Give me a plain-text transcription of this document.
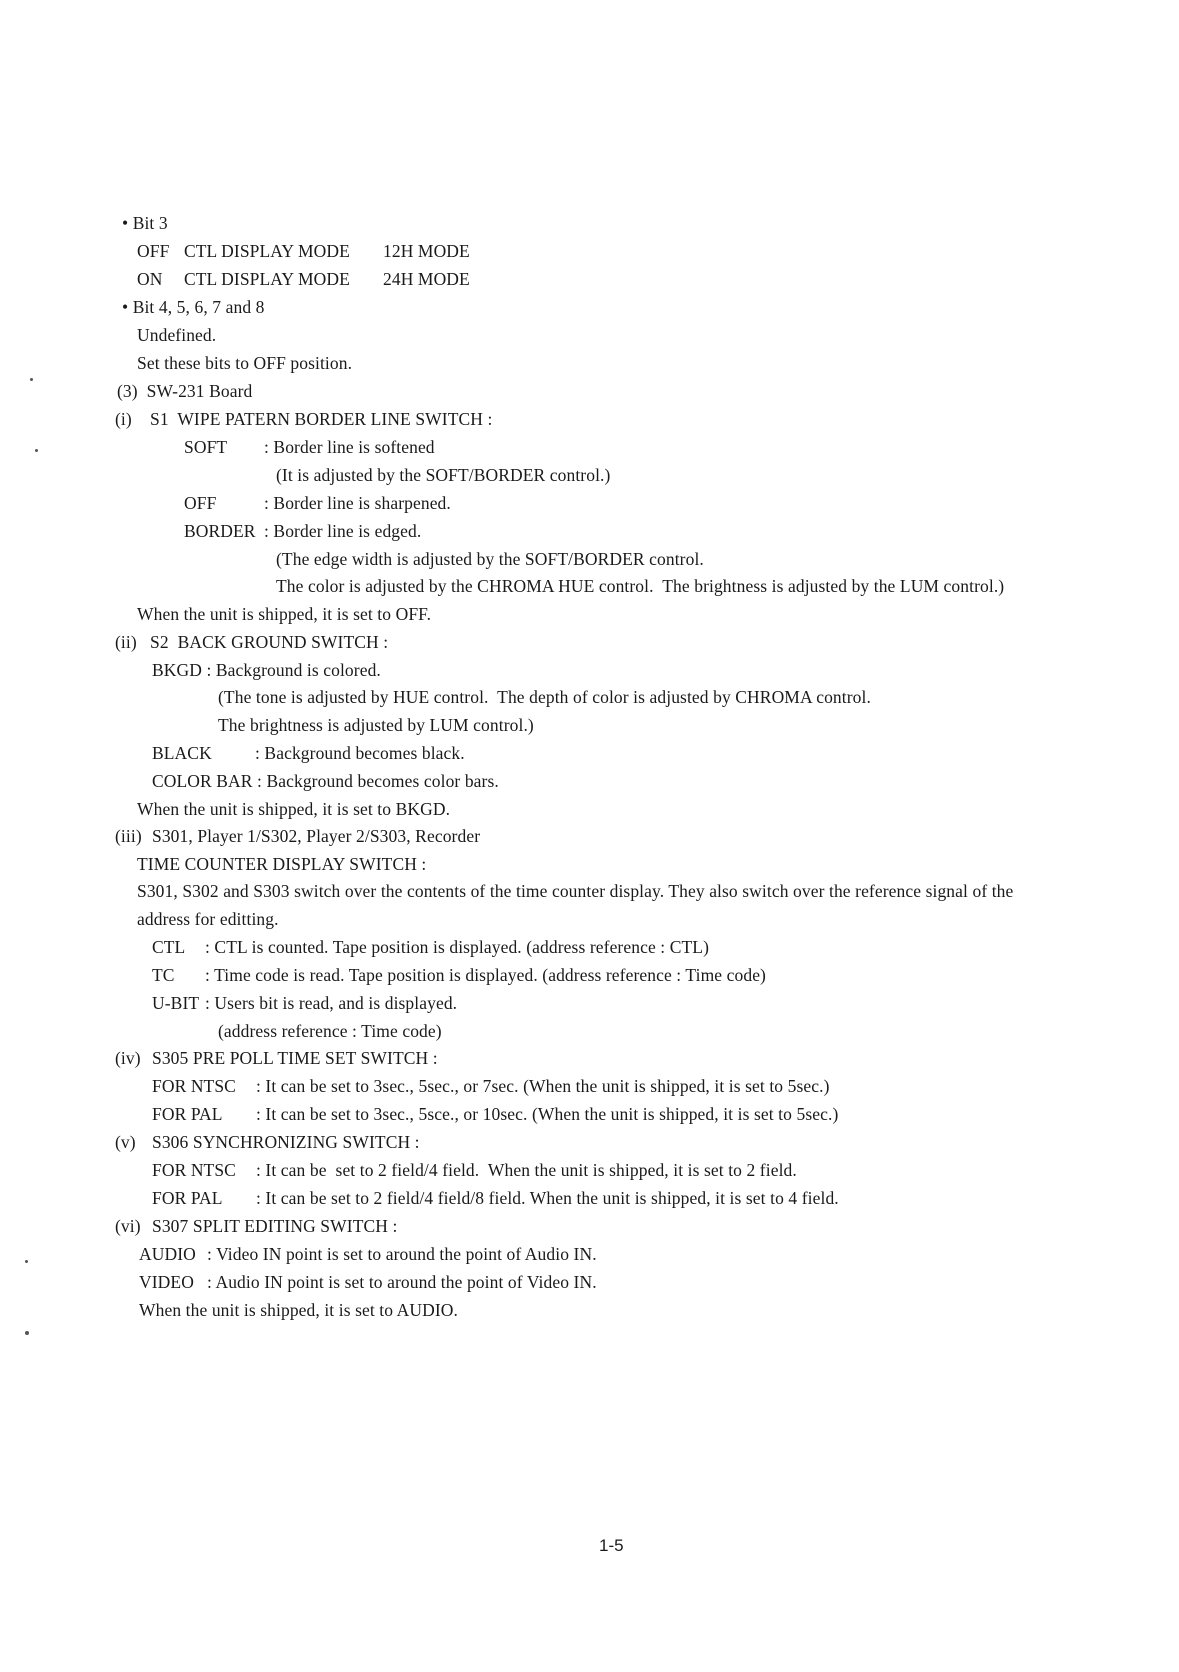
• Bit 3
OFF CTL DISPLAY MODE 12H MODE
ON CTL DISPLAY MODE 24H MODE
• Bit 4, 5, 6, 7 and 8
Undefined.
Set these bits to OFF position.
(3)  SW-231 Board
(i) S1  WIPE PATERN BORDER LINE SWITCH :
SOFT : Border line is softened
(It is adjusted by the SOFT/BORDER control.)
OFF	: Border line is sharpened.
BORDER : Border line is edged.
(The edge width is adjusted by the SOFT/BORDER control.
The color is adjusted by the CHROMA HUE control.  The brightness is adjusted by the LUM control.)
When the unit is shipped, it is set to OFF.
(ii) S2  BACK GROUND SWITCH :
BKGD : Background is colored.
(The tone is adjusted by HUE control.  The depth of color is adjusted by CHROMA control.
The brightness is adjusted by LUM control.)
BLACK : Background becomes black.
COLOR BAR : Background becomes color bars.
When the unit is shipped, it is set to BKGD.
(iii) S301, Player 1/S302, Player 2/S303, Recorder
TIME COUNTER DISPLAY SWITCH :
S301, S302 and S303 switch over the contents of the time counter display. They also switch over the reference signal of the
address for editting.
CTL : CTL is counted. Tape position is displayed. (address reference : CTL)
TC : Time code is read. Tape position is displayed. (address reference : Time code)
U-BIT : Users bit is read, and is displayed.
(address reference : Time code)
(iv) S305 PRE POLL TIME SET SWITCH :
FOR NTSC : It can be set to 3sec., 5sec., or 7sec. (When the unit is shipped, it is set to 5sec.)
FOR PAL : It can be set to 3sec., 5sce., or 10sec. (When the unit is shipped, it is set to 5sec.)
(v) S306 SYNCHRONIZING SWITCH :
FOR NTSC : It can be  set to 2 field/4 field.  When the unit is shipped, it is set to 2 field.
FOR PAL : It can be set to 2 field/4 field/8 field. When the unit is shipped, it is set to 4 field.
(vi) S307 SPLIT EDITING SWITCH :
AUDIO : Video IN point is set to around the point of Audio IN.
VIDEO : Audio IN point is set to around the point of Video IN.
When the unit is shipped, it is set to AUDIO.
1-5
